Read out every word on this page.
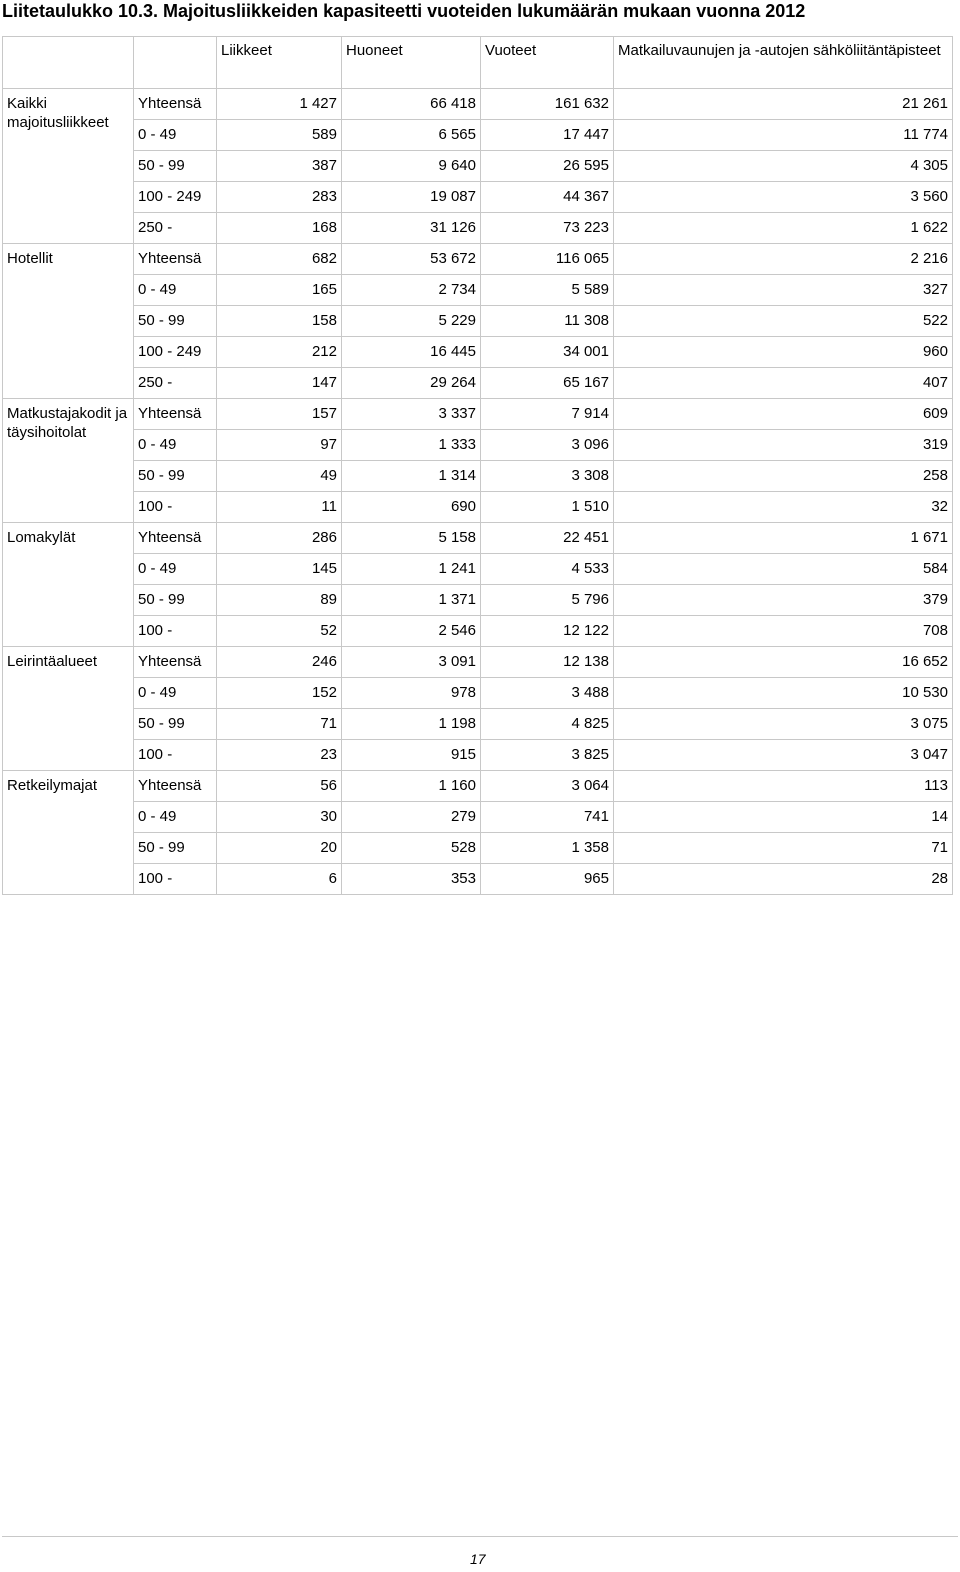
Liitetaulukko 10.3. Majoitusliikkeiden kapasiteetti vuoteiden lukumäärän mukaan vuonna 2012
		Liikkeet	Huoneet	Vuoteet	Matkailuvaunujen ja -autojen sähköliitäntäpisteet
Kaikki majoitusliikkeet	Yhteensä	1 427	66 418	161 632	21 261
	0 - 49	589	6 565	17 447	11 774
	50 - 99	387	9 640	26 595	4 305
	100 - 249	283	19 087	44 367	3 560
	250 -	168	31 126	73 223	1 622
Hotellit	Yhteensä	682	53 672	116 065	2 216
	0 - 49	165	2 734	5 589	327
	50 - 99	158	5 229	11 308	522
	100 - 249	212	16 445	34 001	960
	250 -	147	29 264	65 167	407
Matkustajakodit ja täysihoitolat	Yhteensä	157	3 337	7 914	609
	0 - 49	97	1 333	3 096	319
	50 - 99	49	1 314	3 308	258
	100 -	11	690	1 510	32
Lomakylät	Yhteensä	286	5 158	22 451	1 671
	0 - 49	145	1 241	4 533	584
	50 - 99	89	1 371	5 796	379
	100 -	52	2 546	12 122	708
Leirintäalueet	Yhteensä	246	3 091	12 138	16 652
	0 - 49	152	978	3 488	10 530
	50 - 99	71	1 198	4 825	3 075
	100 -	23	915	3 825	3 047
Retkeilymajat	Yhteensä	56	1 160	3 064	113
	0 - 49	30	279	741	14
	50 - 99	20	528	1 358	71
	100 -	6	353	965	28
17
